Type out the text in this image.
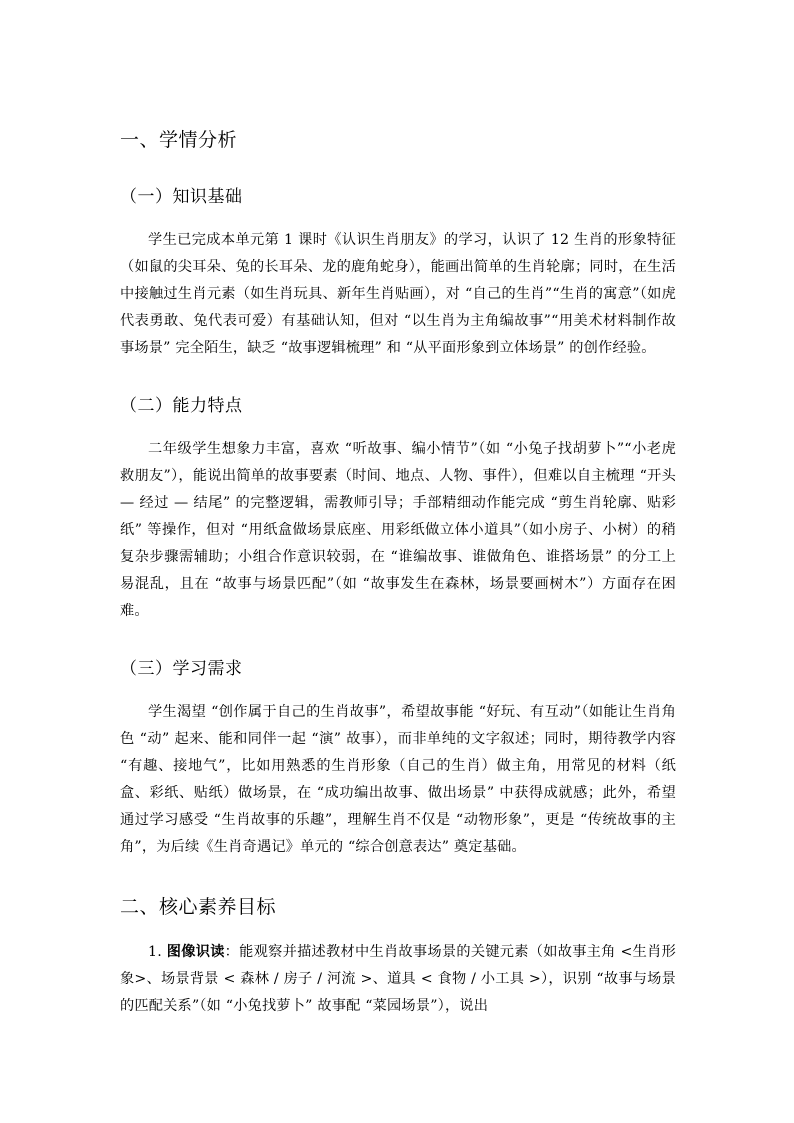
一、学情分析
（一）知识基础

学生已完成本单元第 1 课时《认识生肖朋友》的学习，认识了 12 生肖的形象特征（如鼠的尖耳朵、兔的长耳朵、龙的鹿角蛇身），能画出简单的生肖轮廓；同时，在生活中接触过生肖元素（如生肖玩具、新年生肖贴画），对 “自己的生肖”“生肖的寓意”（如虎代表勇敢、兔代表可爱）有基础认知，但对 “以生肖为主角编故事”“用美术材料制作故事场景” 完全陌生，缺乏 “故事逻辑梳理” 和 “从平面形象到立体场景” 的创作经验。

（二）能力特点

二年级学生想象力丰富，喜欢 “听故事、编小情节”（如 “小兔子找胡萝卜”“小老虎救朋友”），能说出简单的故事要素（时间、地点、人物、事件），但难以自主梳理 “开头 — 经过 — 结尾” 的完整逻辑，需教师引导；手部精细动作能完成 “剪生肖轮廓、贴彩纸” 等操作，但对 “用纸盒做场景底座、用彩纸做立体小道具”（如小房子、小树）的稍复杂步骤需辅助；小组合作意识较弱，在 “谁编故事、谁做角色、谁搭场景” 的分工上易混乱，且在 “故事与场景匹配”（如 “故事发生在森林，场景要画树木”）方面存在困难。

（三）学习需求

学生渴望 “创作属于自己的生肖故事”，希望故事能 “好玩、有互动”（如能让生肖角色 “动” 起来、能和同伴一起 “演” 故事），而非单纯的文字叙述；同时，期待教学内容 “有趣、接地气”，比如用熟悉的生肖形象（自己的生肖）做主角，用常见的材料（纸盒、彩纸、贴纸）做场景，在 “成功编出故事、做出场景” 中获得成就感；此外，希望通过学习感受 “生肖故事的乐趣”，理解生肖不仅是 “动物形象”，更是 “传统故事的主角”，为后续《生肖奇遇记》单元的 “综合创意表达” 奠定基础。

二、核心素养目标

1. 图像识读：能观察并描述教材中生肖故事场景的关键元素（如故事主角 <生肖形象>、场景背景 < 森林 / 房子 / 河流 >、道具 < 食物 / 小工具 >），识别 “故事与场景的匹配关系”（如 “小兔找萝卜” 故事配 “菜园场景”），说出
